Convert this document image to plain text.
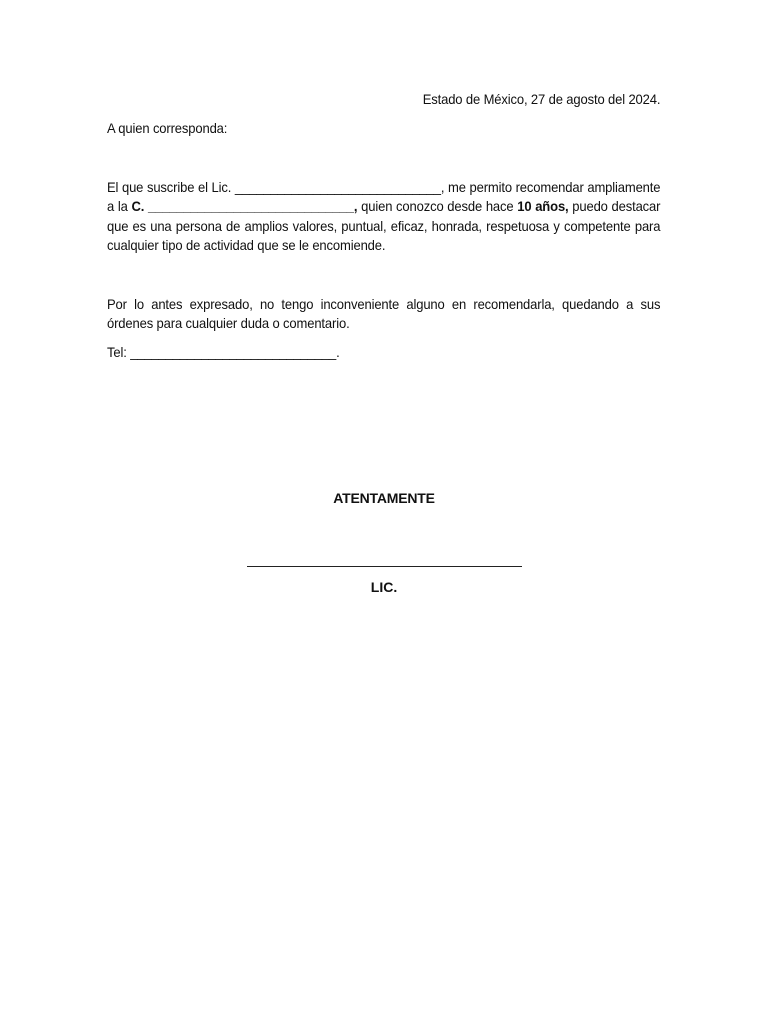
Estado de México, 27 de agosto del 2024.
A quien corresponda:
El que suscribe el Lic. _____________________________, me permito recomendar ampliamente a la C. _____________________________, quien conozco desde hace 10 años, puedo destacar que es una persona de amplios valores, puntual, eficaz, honrada, respetuosa y competente para cualquier tipo de actividad que se le encomiende.
Por lo antes expresado, no tengo inconveniente alguno en recomendarla, quedando a sus órdenes para cualquier duda o comentario.
Tel: _____________________________.
ATENTAMENTE
LIC.
